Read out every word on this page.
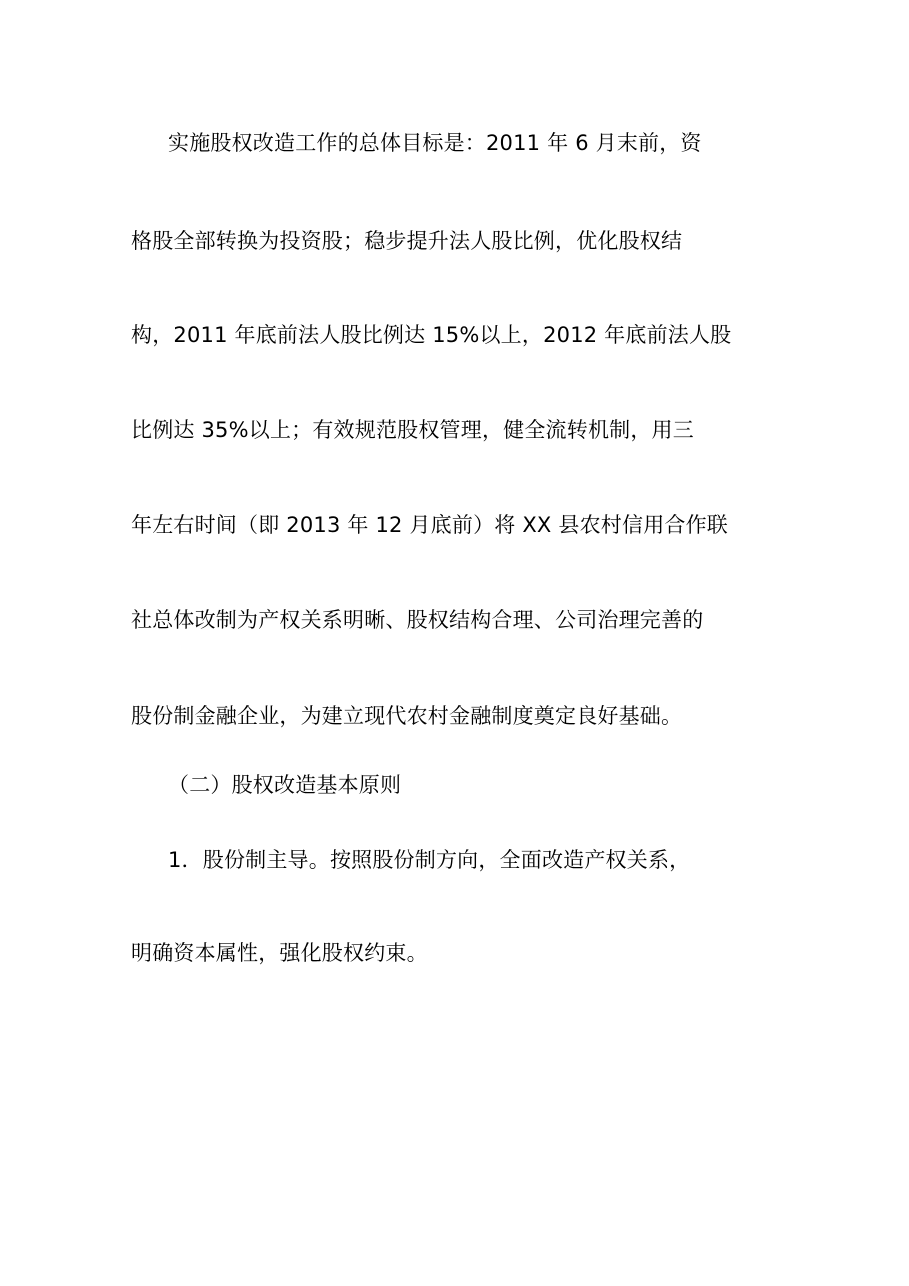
实施股权改造工作的总体目标是：2011 年 6 月末前，资

格股全部转换为投资股；稳步提升法人股比例，优化股权结

构，2011 年底前法人股比例达 15%以上，2012 年底前法人股

比例达 35%以上；有效规范股权管理，健全流转机制，用三

年左右时间（即 2013 年 12 月底前）将 XX 县农村信用合作联

社总体改制为产权关系明晰、股权结构合理、公司治理完善的

股份制金融企业，为建立现代农村金融制度奠定良好基础。

（二）股权改造基本原则

1．股份制主导。按照股份制方向，全面改造产权关系，

明确资本属性，强化股权约束。
